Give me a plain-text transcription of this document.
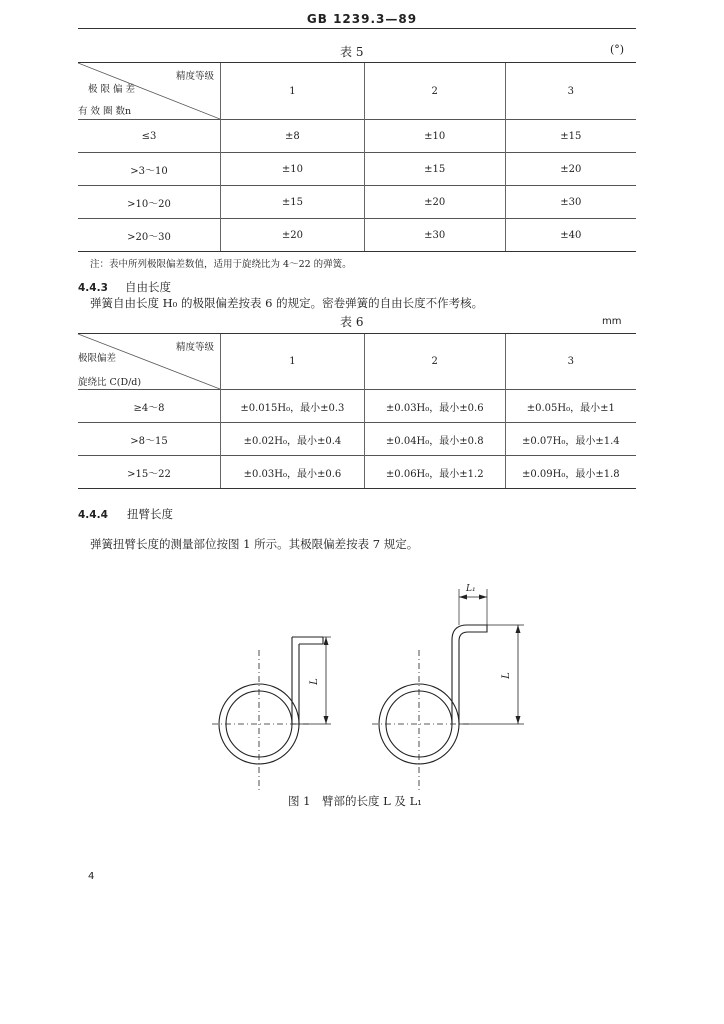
GB 1239.3—89
表 5	(°)
精度等级
极 限 偏 差
有 效 圈 数n	1	2	3
≤3	±8	±10	±15
>3～10	±10	±15	±20
>10～20	±15	±20	±30
>20～30	±20	±30	±40
注：表中所列极限偏差数值，适用于旋绕比为 4～22 的弹簧。
4.4.3 自由长度
弹簧自由长度 H₀ 的极限偏差按表 6 的规定。密卷弹簧的自由长度不作考核。
表 6	mm
精度等级
极限偏差
旋绕比 C(D/d)	1	2	3
≥4～8	±0.015H₀，最小±0.3	±0.03H₀，最小±0.6	±0.05H₀，最小±1
>8～15	±0.02H₀，最小±0.4	±0.04H₀，最小±0.8	±0.07H₀，最小±1.4
>15～22	±0.03H₀，最小±0.6	±0.06H₀，最小±1.2	±0.09H₀，最小±1.8
4.4.4 扭臂长度
弹簧扭臂长度的测量部位按图 1 所示。其极限偏差按表 7 规定。
L
L
L₁
图 1　臂部的长度 L 及 L₁
4
